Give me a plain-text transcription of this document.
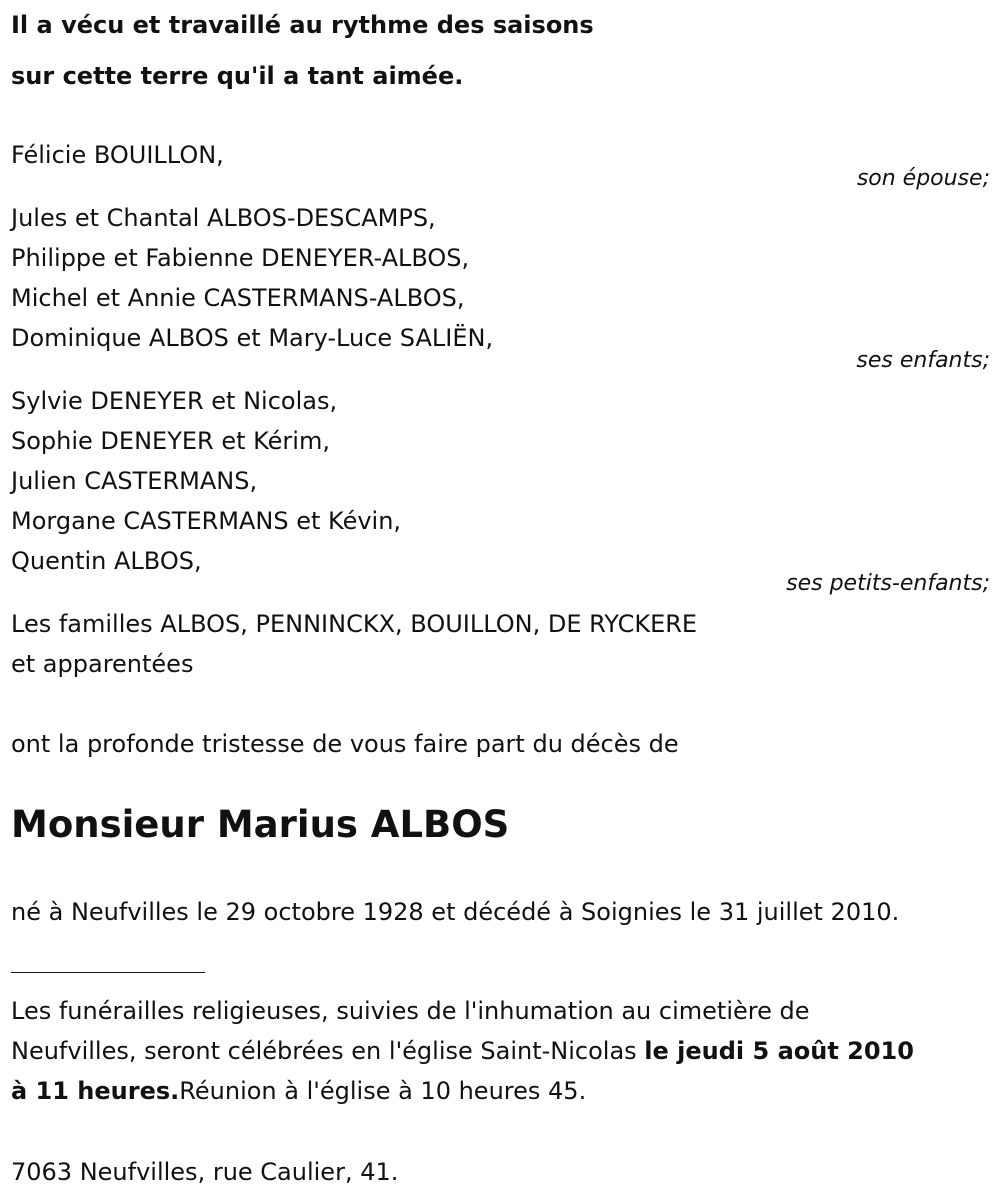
Il a vécu et travaillé au rythme des saisons
sur cette terre qu'il a tant aimée.
Félicie BOUILLON,
son épouse;
Jules et Chantal ALBOS-DESCAMPS,
Philippe et Fabienne DENEYER-ALBOS,
Michel et Annie CASTERMANS-ALBOS,
Dominique ALBOS et Mary-Luce SALIËN,
ses enfants;
Sylvie DENEYER et Nicolas,
Sophie DENEYER et Kérim,
Julien CASTERMANS,
Morgane CASTERMANS et Kévin,
Quentin ALBOS,
ses petits-enfants;
Les familles ALBOS, PENNINCKX, BOUILLON, DE RYCKERE
et apparentées
ont la profonde tristesse de vous faire part du décès de
Monsieur Marius ALBOS
né à Neufvilles le 29 octobre 1928 et décédé à Soignies le 31 juillet 2010.
Les funérailles religieuses, suivies de l'inhumation au cimetière de
Neufvilles, seront célébrées en l'église Saint-Nicolas le jeudi 5 août 2010
à 11 heures.Réunion à l'église à 10 heures 45.
7063 Neufvilles, rue Caulier, 41.
